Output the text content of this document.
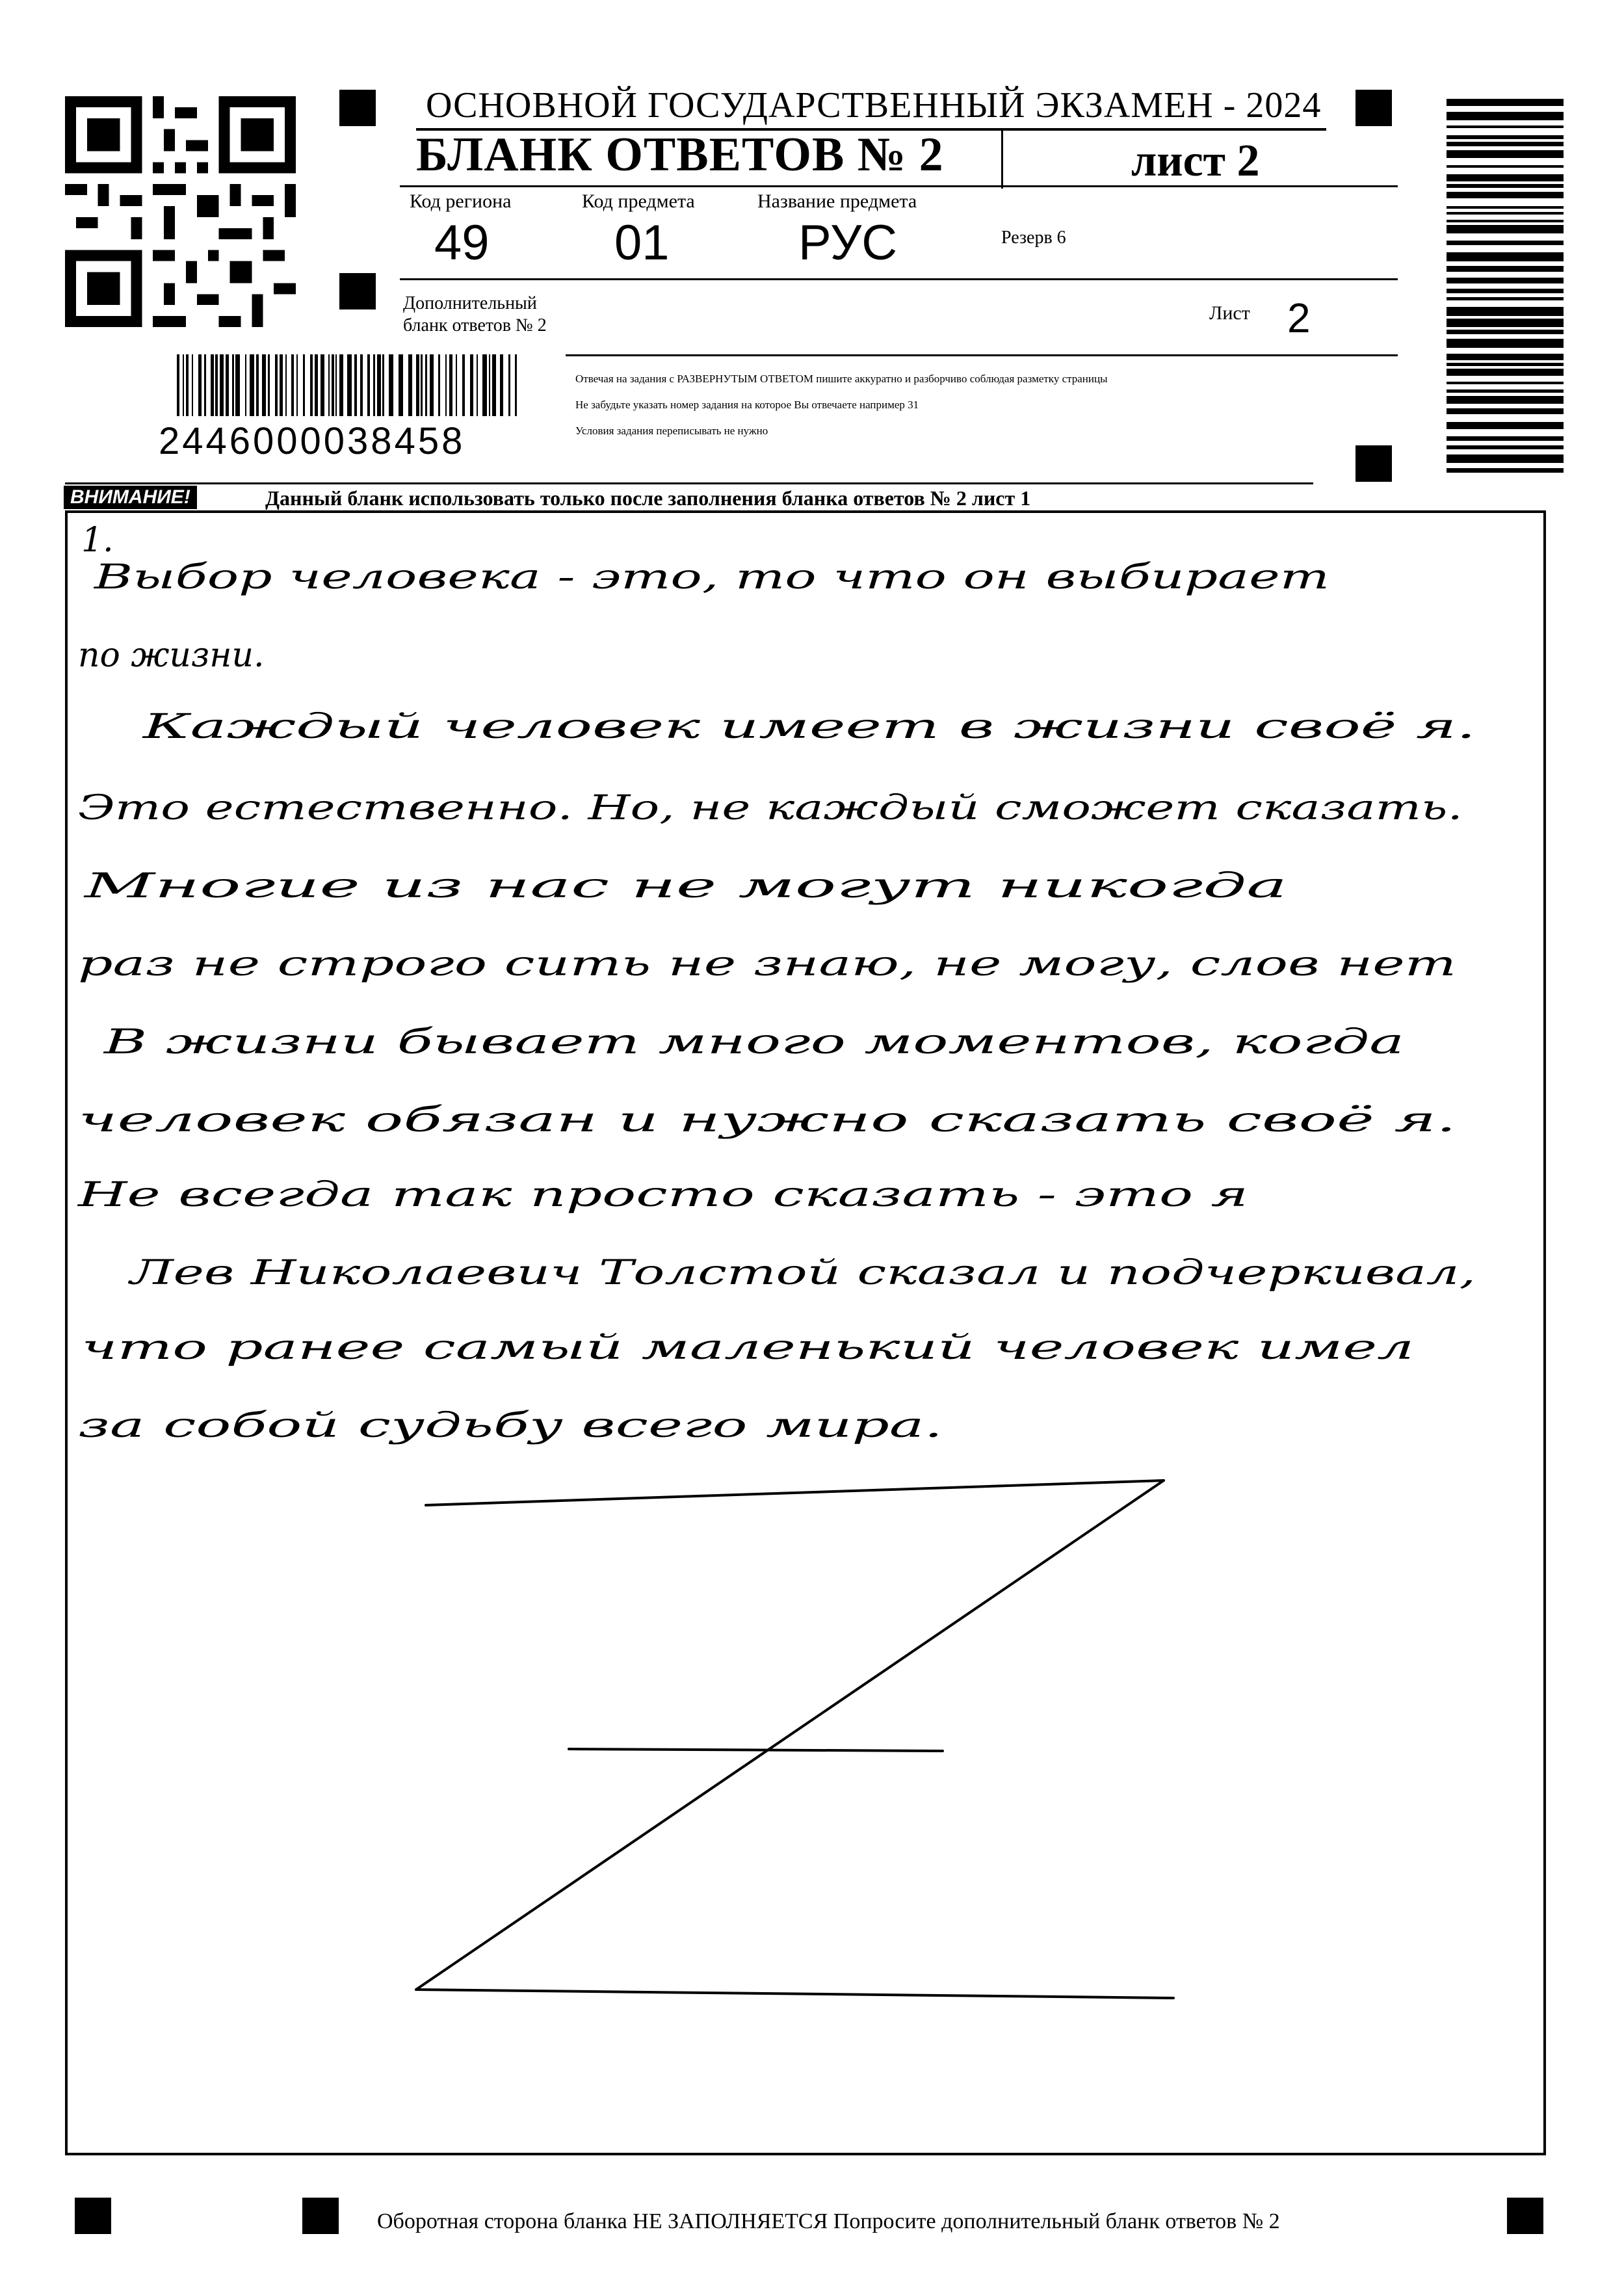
ОСНОВНОЙ ГОСУДАРСТВЕННЫЙ ЭКЗАМЕН - 2024
БЛАНК ОТВЕТОВ № 2	лист 2
Код региона	Код предмета	Название предмета
49	01	РУС	Резерв 6
Дополнительный
бланк ответов № 2
Лист 2
2446000038458
Отвечая на задания с РАЗВЕРНУТЫМ ОТВЕТОМ пишите аккуратно и разборчиво соблюдая разметку страницы
Не забудьте указать номер задания на которое Вы отвечаете например 31
Условия задания переписывать не нужно
ВНИМАНИЕ!	Данный бланк использовать только после заполнения бланка ответов № 2 лист 1
1.
Выбор человека - это, то что он выбирает
по жизни.
Каждый человек имеет в жизни своё я.
Это естественно. Но, не каждый сможет сказать.
Многие из нас не могут никогда
раз не строго сить не знаю, не могу, слов нет
В жизни бывает много моментов, когда
человек обязан и нужно сказать своё я.
Не всегда так просто сказать - это я
Лев Николаевич Толстой сказал и подчеркивал,
что ранее самый маленький человек имел
за собой судьбу всего мира.
Оборотная сторона бланка НЕ ЗАПОЛНЯЕТСЯ Попросите дополнительный бланк ответов № 2
